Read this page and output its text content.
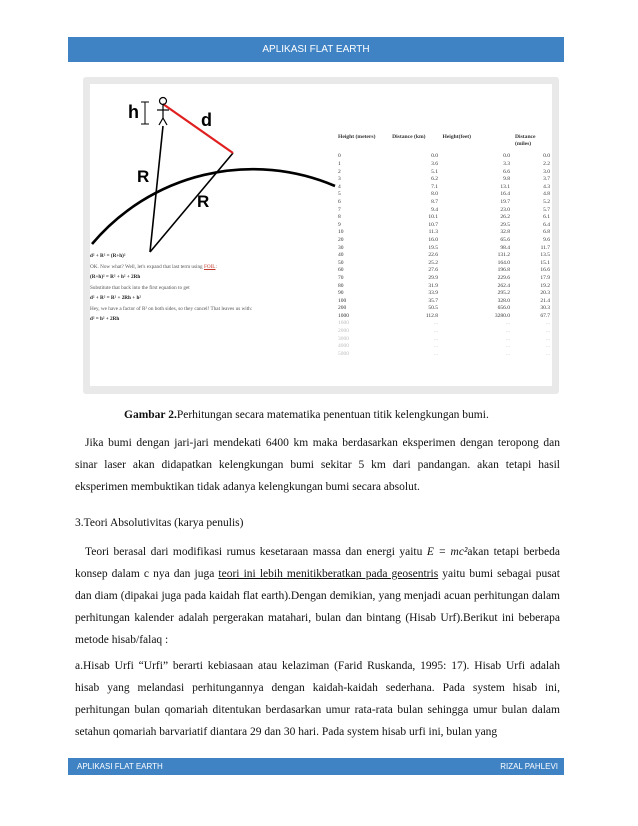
APLIKASI FLAT EARTH
h	d
R
R

d² + R² = (R+h)²

OK. Now what? Well, let's expand that last term using FOIL:

(R+h)² = R² + h² + 2Rh

Substitute that back into the first equation to get

d² + R² = R² + 2Rh + h²

Hey, we have a factor of R² on both sides, so they cancel! That leaves us with:

d² = h² + 2Rh

Height (meters)	Distance (km)	Height(feet)	Distance (miles)
0	0.0	0.0	0.0
1	3.6	3.3	2.2
2	5.1	6.6	3.0
3	6.2	9.8	3.7
4	7.1	13.1	4.3
5	8.0	16.4	4.8
6	8.7	19.7	5.2
7	9.4	23.0	5.7
8	10.1	26.2	6.1
9	10.7	29.5	6.4
10	11.3	32.8	6.8
20	16.0	65.6	9.6
30	19.5	98.4	11.7
40	22.6	131.2	13.5
50	25.2	164.0	15.1
60	27.6	196.8	16.6
70	29.9	229.6	17.9
80	31.9	262.4	19.2
90	33.9	295.2	20.3
100	35.7	328.0	21.4
200	50.5	656.0	30.3
1000	112.8	3280.0	67.7
1600	...	...	...
2000	...	...	...
3000	...	...	...
4000	...	...	...
5000	...	...	...
Gambar 2.Perhitungan secara matematika penentuan titik kelengkungan bumi.

Jika bumi dengan jari-jari mendekati 6400 km maka berdasarkan eksperimen dengan teropong dan sinar laser akan didapatkan kelengkungan bumi sekitar 5 km dari pandangan. akan tetapi hasil eksperimen membuktikan tidak adanya kelengkungan bumi secara absolut.

3.Teori Absolutivitas (karya penulis)

Teori berasal dari modifikasi rumus kesetaraan massa dan energi yaitu E = mc²akan tetapi berbeda konsep dalam c nya dan juga teori ini lebih menitikberatkan pada geosentris yaitu bumi sebagai pusat dan diam (dipakai juga pada kaidah flat earth).Dengan demikian, yang menjadi acuan perhitungan dalam perhitungan kalender adalah pergerakan matahari, bulan dan bintang (Hisab Urf).Berikut ini beberapa metode hisab/falaq :

a.Hisab Urfi “Urfi” berarti kebiasaan atau kelaziman (Farid Ruskanda, 1995: 17). Hisab Urfi adalah hisab yang melandasi perhitungannya dengan kaidah-kaidah sederhana. Pada system hisab ini, perhitungan bulan qomariah ditentukan berdasarkan umur rata-rata bulan sehingga umur bulan dalam setahun qomariah barvariatif diantara 29 dan 30 hari. Pada system hisab urfi ini, bulan yang

APLIKASI FLAT EARTH	RIZAL PAHLEVI
